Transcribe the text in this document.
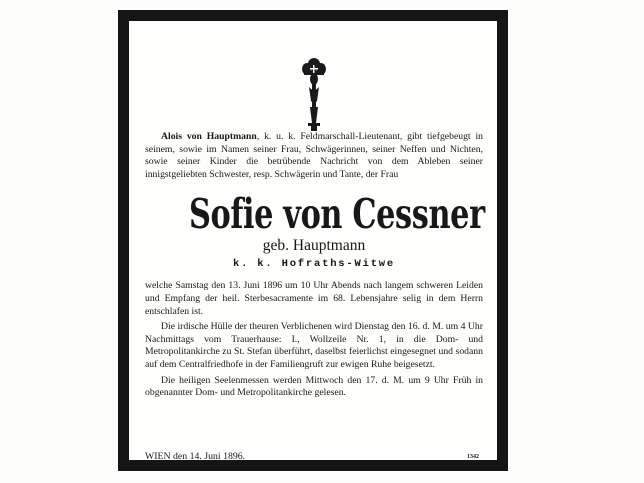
Alois von Hauptmann, k. u. k. Feldmarschall-Lieutenant, gibt tiefgebeugt in seinem, sowie im Namen seiner Frau, Schwägerinnen, seiner Neffen und Nichten, sowie seiner Kinder die betrübende Nachricht von dem Ableben seiner innigstgeliebten Schwester, resp. Schwägerin und Tante, der Frau

Sofie von Cessner
geb. Hauptmann
k. k. Hofraths-Witwe

welche Samstag den 13. Juni 1896 um 10 Uhr Abends nach langem schweren Leiden und Empfang der heil. Sterbesacramente im 68. Lebensjahre selig in dem Herrn entschlafen ist.

Die irdische Hülle der theuren Verblichenen wird Dienstag den 16. d. M. um 4 Uhr Nachmittags vom Trauerhause: I., Wollzeile Nr. 1, in die Dom- und Metropolitankirche zu St. Stefan überführt, daselbst feierlichst eingesegnet und sodann auf dem Centralfriedhofe in der Familiengruft zur ewigen Ruhe beigesetzt.

Die heiligen Seelenmessen werden Mittwoch den 17. d. M. um 9 Uhr Früh in obgenannter Dom- und Metropolitankirche gelesen.

WIEN den 14. Juni 1896.	1342
